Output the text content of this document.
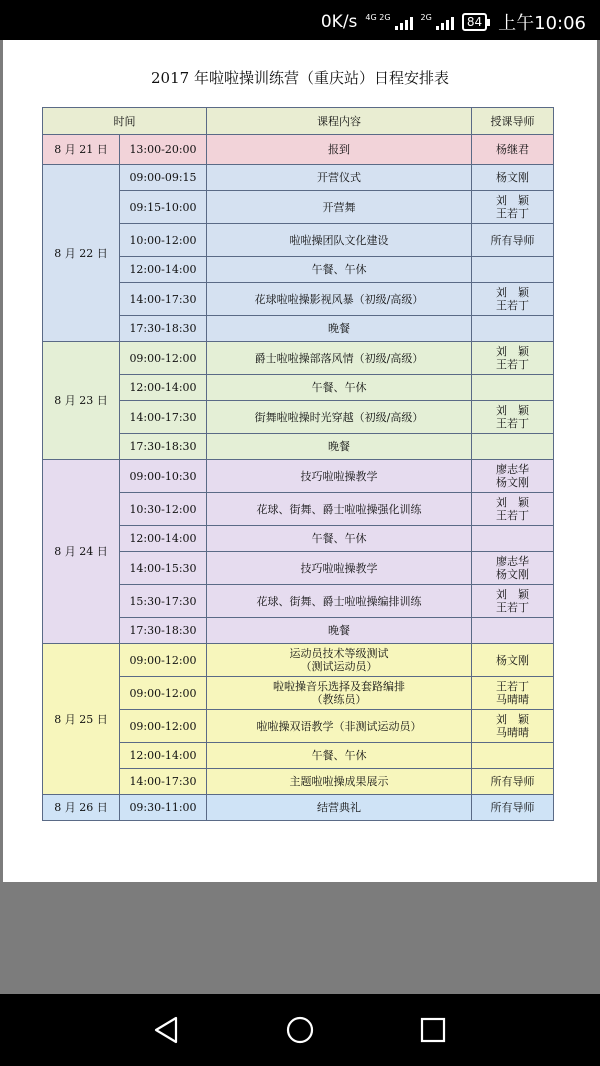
0K/s 4G 2G	2G	84 上午10:06
2017 年啦啦操训练营（重庆站）日程安排表
时间		课程内容	授课导师
8 月 21 日	13:00-20:00	报到	杨继君

8 月 22 日	09:00-09:15	开营仪式	杨文刚

	09:15-10:00	开营舞	刘　颖
王若丁

	10:00-12:00	啦啦操团队文化建设	所有导师

	12:00-14:00	午餐、午休	

	14:00-17:30	花球啦啦操影视风暴（初级/高级）	刘　颖
王若丁

	17:30-18:30	晚餐	

8 月 23 日	09:00-12:00	爵士啦啦操部落风情（初级/高级）	刘　颖
王若丁

	12:00-14:00	午餐、午休	

	14:00-17:30	街舞啦啦操时光穿越（初级/高级）	刘　颖
王若丁

	17:30-18:30	晚餐	

8 月 24 日	09:00-10:30	技巧啦啦操教学	廖志华
杨文刚

	10:30-12:00	花球、街舞、爵士啦啦操强化训练	刘　颖
王若丁

	12:00-14:00	午餐、午休	

	14:00-15:30	技巧啦啦操教学	廖志华
杨文刚

	15:30-17:30	花球、街舞、爵士啦啦操编排训练	刘　颖
王若丁

	17:30-18:30	晚餐	

8 月 25 日	09:00-12:00	运动员技术等级测试
（测试运动员）	杨文刚

	09:00-12:00	啦啦操音乐选择及套路编排
（教练员）	王若丁
马晴晴

	09:00-12:00	啦啦操双语教学（非测试运动员）	刘　颖
马晴晴

	12:00-14:00	午餐、午休	

	14:00-17:30	主题啦啦操成果展示	所有导师

8 月 26 日	09:30-11:00	结营典礼	所有导师
